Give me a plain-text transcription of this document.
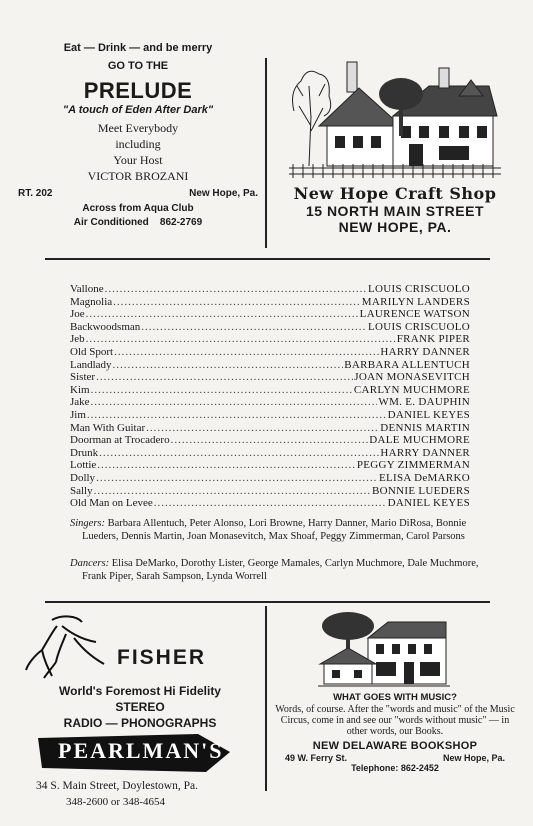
Eat — Drink — and be merry
GO TO THE
PRELUDE
"A touch of Eden After Dark"
Meet Everybody
including
Your Host
VICTOR BROZANI
RT. 202	New Hope, Pa.
Across from Aqua Club
Air Conditioned 862-2769
New Hope Craft Shop
15 NORTH MAIN STREET
NEW HOPE, PA.
Vallone .....	LOUIS CRISCUOLO
Magnolia .....	MARILYN LANDERS
Joe .....	LAURENCE WATSON
Backwoodsman .....	LOUIS CRISCUOLO
Jeb .....	FRANK PIPER
Old Sport .....	HARRY DANNER
Landlady .....	BARBARA ALLENTUCH
Sister .....	JOAN MONASEVITCH
Kim .....	CARLYN MUCHMORE
Jake .....	WM. E. DAUPHIN
Jim .....	DANIEL KEYES
Man With Guitar .....	DENNIS MARTIN
Doorman at Trocadero .....	DALE MUCHMORE
Drunk .....	HARRY DANNER
Lottie .....	PEGGY ZIMMERMAN
Dolly .....	ELISA DeMARKO
Sally .....	BONNIE LUEDERS
Old Man on Levee .....	DANIEL KEYES
Singers: Barbara Allentuch, Peter Alonso, Lori Browne, Harry Danner, Mario DiRosa, Bonnie Lueders, Dennis Martin, Joan Monasevitch, Max Shoaf, Peggy Zimmerman, Carol Parsons
Dancers: Elisa DeMarko, Dorothy Lister, George Mamales, Carlyn Muchmore, Dale Muchmore, Frank Piper, Sarah Sampson, Lynda Worrell
FISHER
World's Foremost Hi Fidelity
STEREO
RADIO — PHONOGRAPHS
PEARLMAN'S
34 S. Main Street, Doylestown, Pa.
348-2600 or 348-4654
WHAT GOES WITH MUSIC?
Words, of course. After the "words and music" of the Music Circus, come in and see our "words without music" — in other words, our Books.
NEW DELAWARE BOOKSHOP
49 W. Ferry St.	New Hope, Pa.
Telephone: 862-2452
